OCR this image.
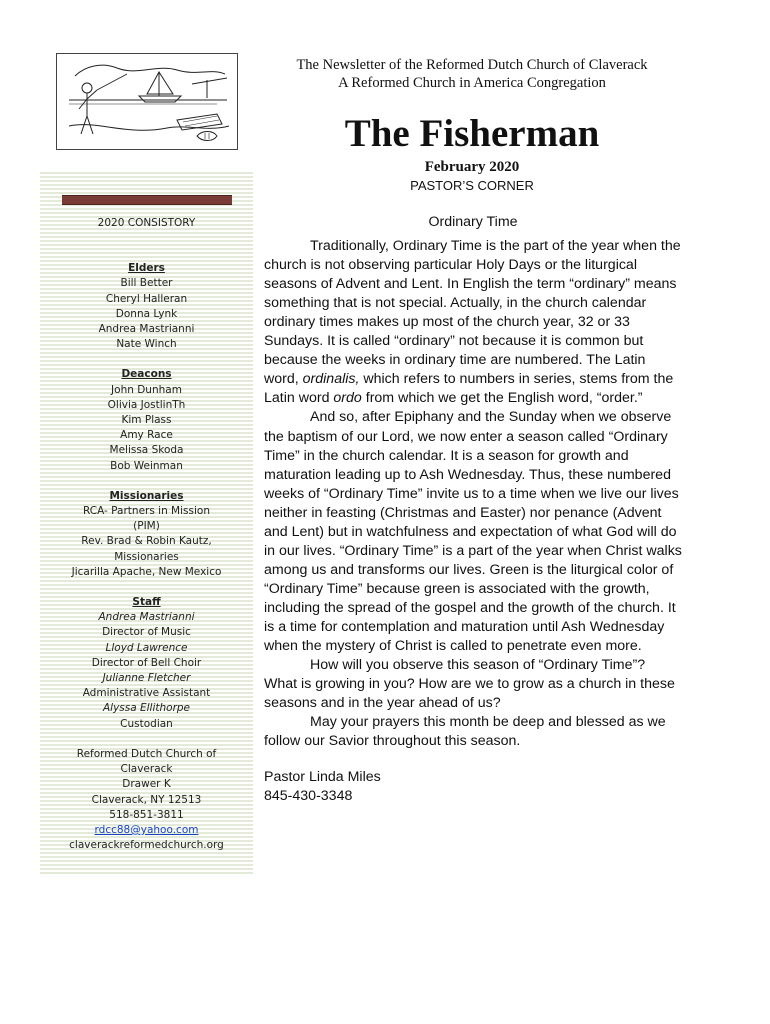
The Newsletter of the Reformed Dutch Church of Claverack
A Reformed Church in America Congregation
The Fisherman
February 2020
PASTOR’S CORNER
2020 CONSISTORY
Elders
Bill Better
Cheryl Halleran
Donna Lynk
Andrea Mastrianni
Nate Winch
Deacons
John Dunham
Olivia JostlinTh
Kim Plass
Amy Race
Melissa Skoda
Bob Weinman
Missionaries
RCA- Partners in Mission
(PIM)
Rev. Brad & Robin Kautz,
Missionaries
Jicarilla Apache, New Mexico
Staff
Andrea Mastrianni
Director of Music
Lloyd Lawrence
Director of Bell Choir
Julianne Fletcher
Administrative Assistant
Alyssa Ellithorpe
Custodian
Reformed Dutch Church of
Claverack
Drawer K
Claverack, NY 12513
518-851-3811
rdcc88@yahoo.com
claverackreformedchurch.org
Ordinary Time

Traditionally, Ordinary Time is the part of the year when the church is not observing particular Holy Days or the liturgical seasons of Advent and Lent. In English the term “ordinary” means something that is not special. Actually, in the church calendar ordinary times makes up most of the church year, 32 or 33 Sundays. It is called “ordinary” not because it is common but because the weeks in ordinary time are numbered. The Latin word, ordinalis, which refers to numbers in series, stems from the Latin word ordo from which we get the English word, “order.”

And so, after Epiphany and the Sunday when we observe the baptism of our Lord, we now enter a season called “Ordinary Time” in the church calendar. It is a season for growth and maturation leading up to Ash Wednesday. Thus, these numbered weeks of “Ordinary Time” invite us to a time when we live our lives neither in feasting (Christmas and Easter) nor penance (Advent and Lent) but in watchfulness and expectation of what God will do in our lives. “Ordinary Time” is a part of the year when Christ walks among us and transforms our lives. Green is the liturgical color of “Ordinary Time” because green is associated with the growth, including the spread of the gospel and the growth of the church. It is a time for contemplation and maturation until Ash Wednesday when the mystery of Christ is called to penetrate even more.

How will you observe this season of “Ordinary Time”? What is growing in you? How are we to grow as a church in these seasons and in the year ahead of us?

May your prayers this month be deep and blessed as we follow our Savior throughout this season.

Pastor Linda Miles
845-430-3348
